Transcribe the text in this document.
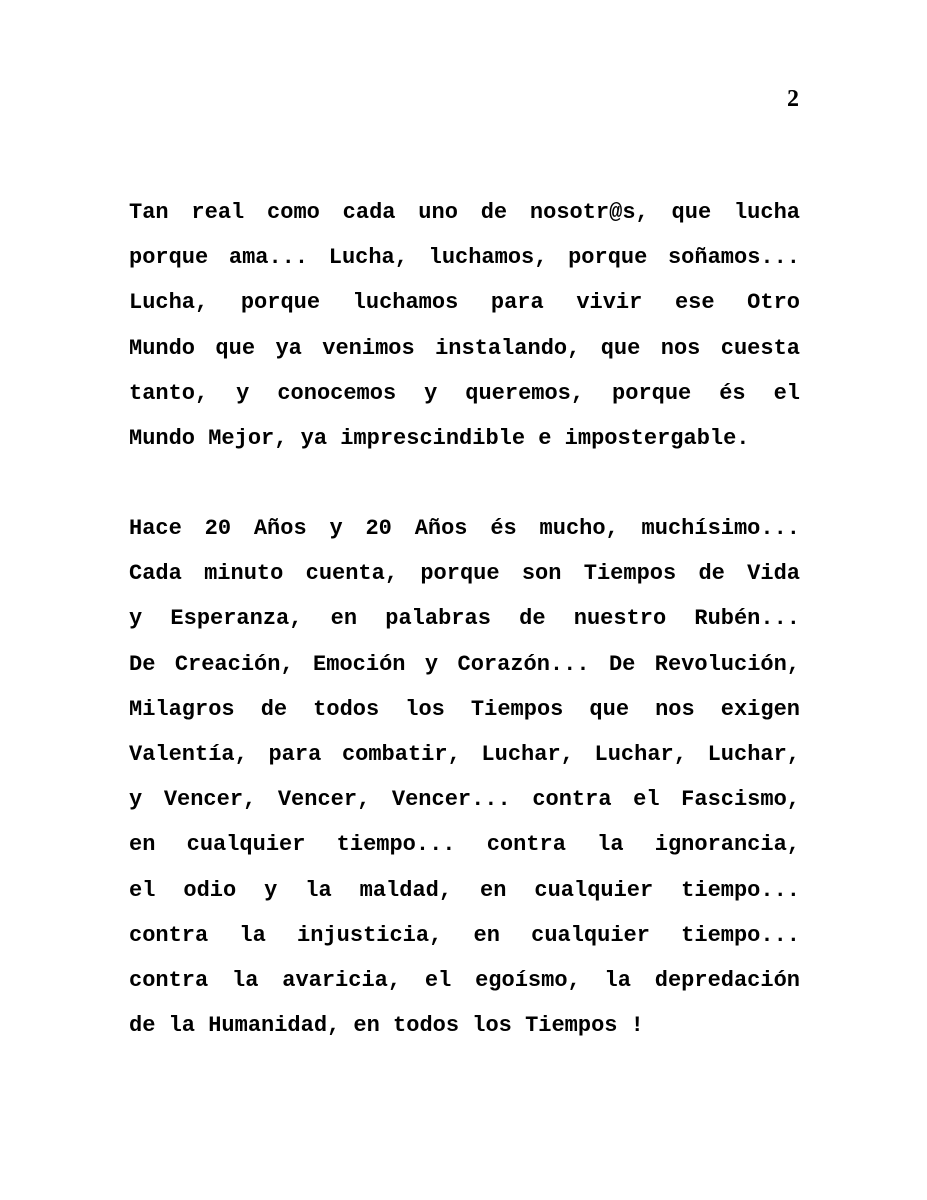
2
Tan real como cada uno de nosotr@s, que lucha
porque ama... Lucha, luchamos, porque soñamos...
Lucha, porque luchamos para vivir ese Otro
Mundo que ya venimos instalando, que nos cuesta
tanto, y conocemos y queremos, porque és el
Mundo Mejor, ya imprescindible e impostergable.
Hace 20 Años y 20 Años és mucho, muchísimo...
Cada minuto cuenta, porque son Tiempos de Vida
y Esperanza, en palabras de nuestro Rubén...
De Creación, Emoción y Corazón... De Revolución,
Milagros de todos los Tiempos que nos exigen
Valentía, para combatir, Luchar, Luchar, Luchar,
y Vencer, Vencer, Vencer... contra el Fascismo,
en cualquier tiempo... contra la ignorancia,
el odio y la maldad, en cualquier tiempo...
contra la injusticia, en cualquier tiempo...
contra la avaricia, el egoísmo, la depredación
de la Humanidad, en todos los Tiempos !
